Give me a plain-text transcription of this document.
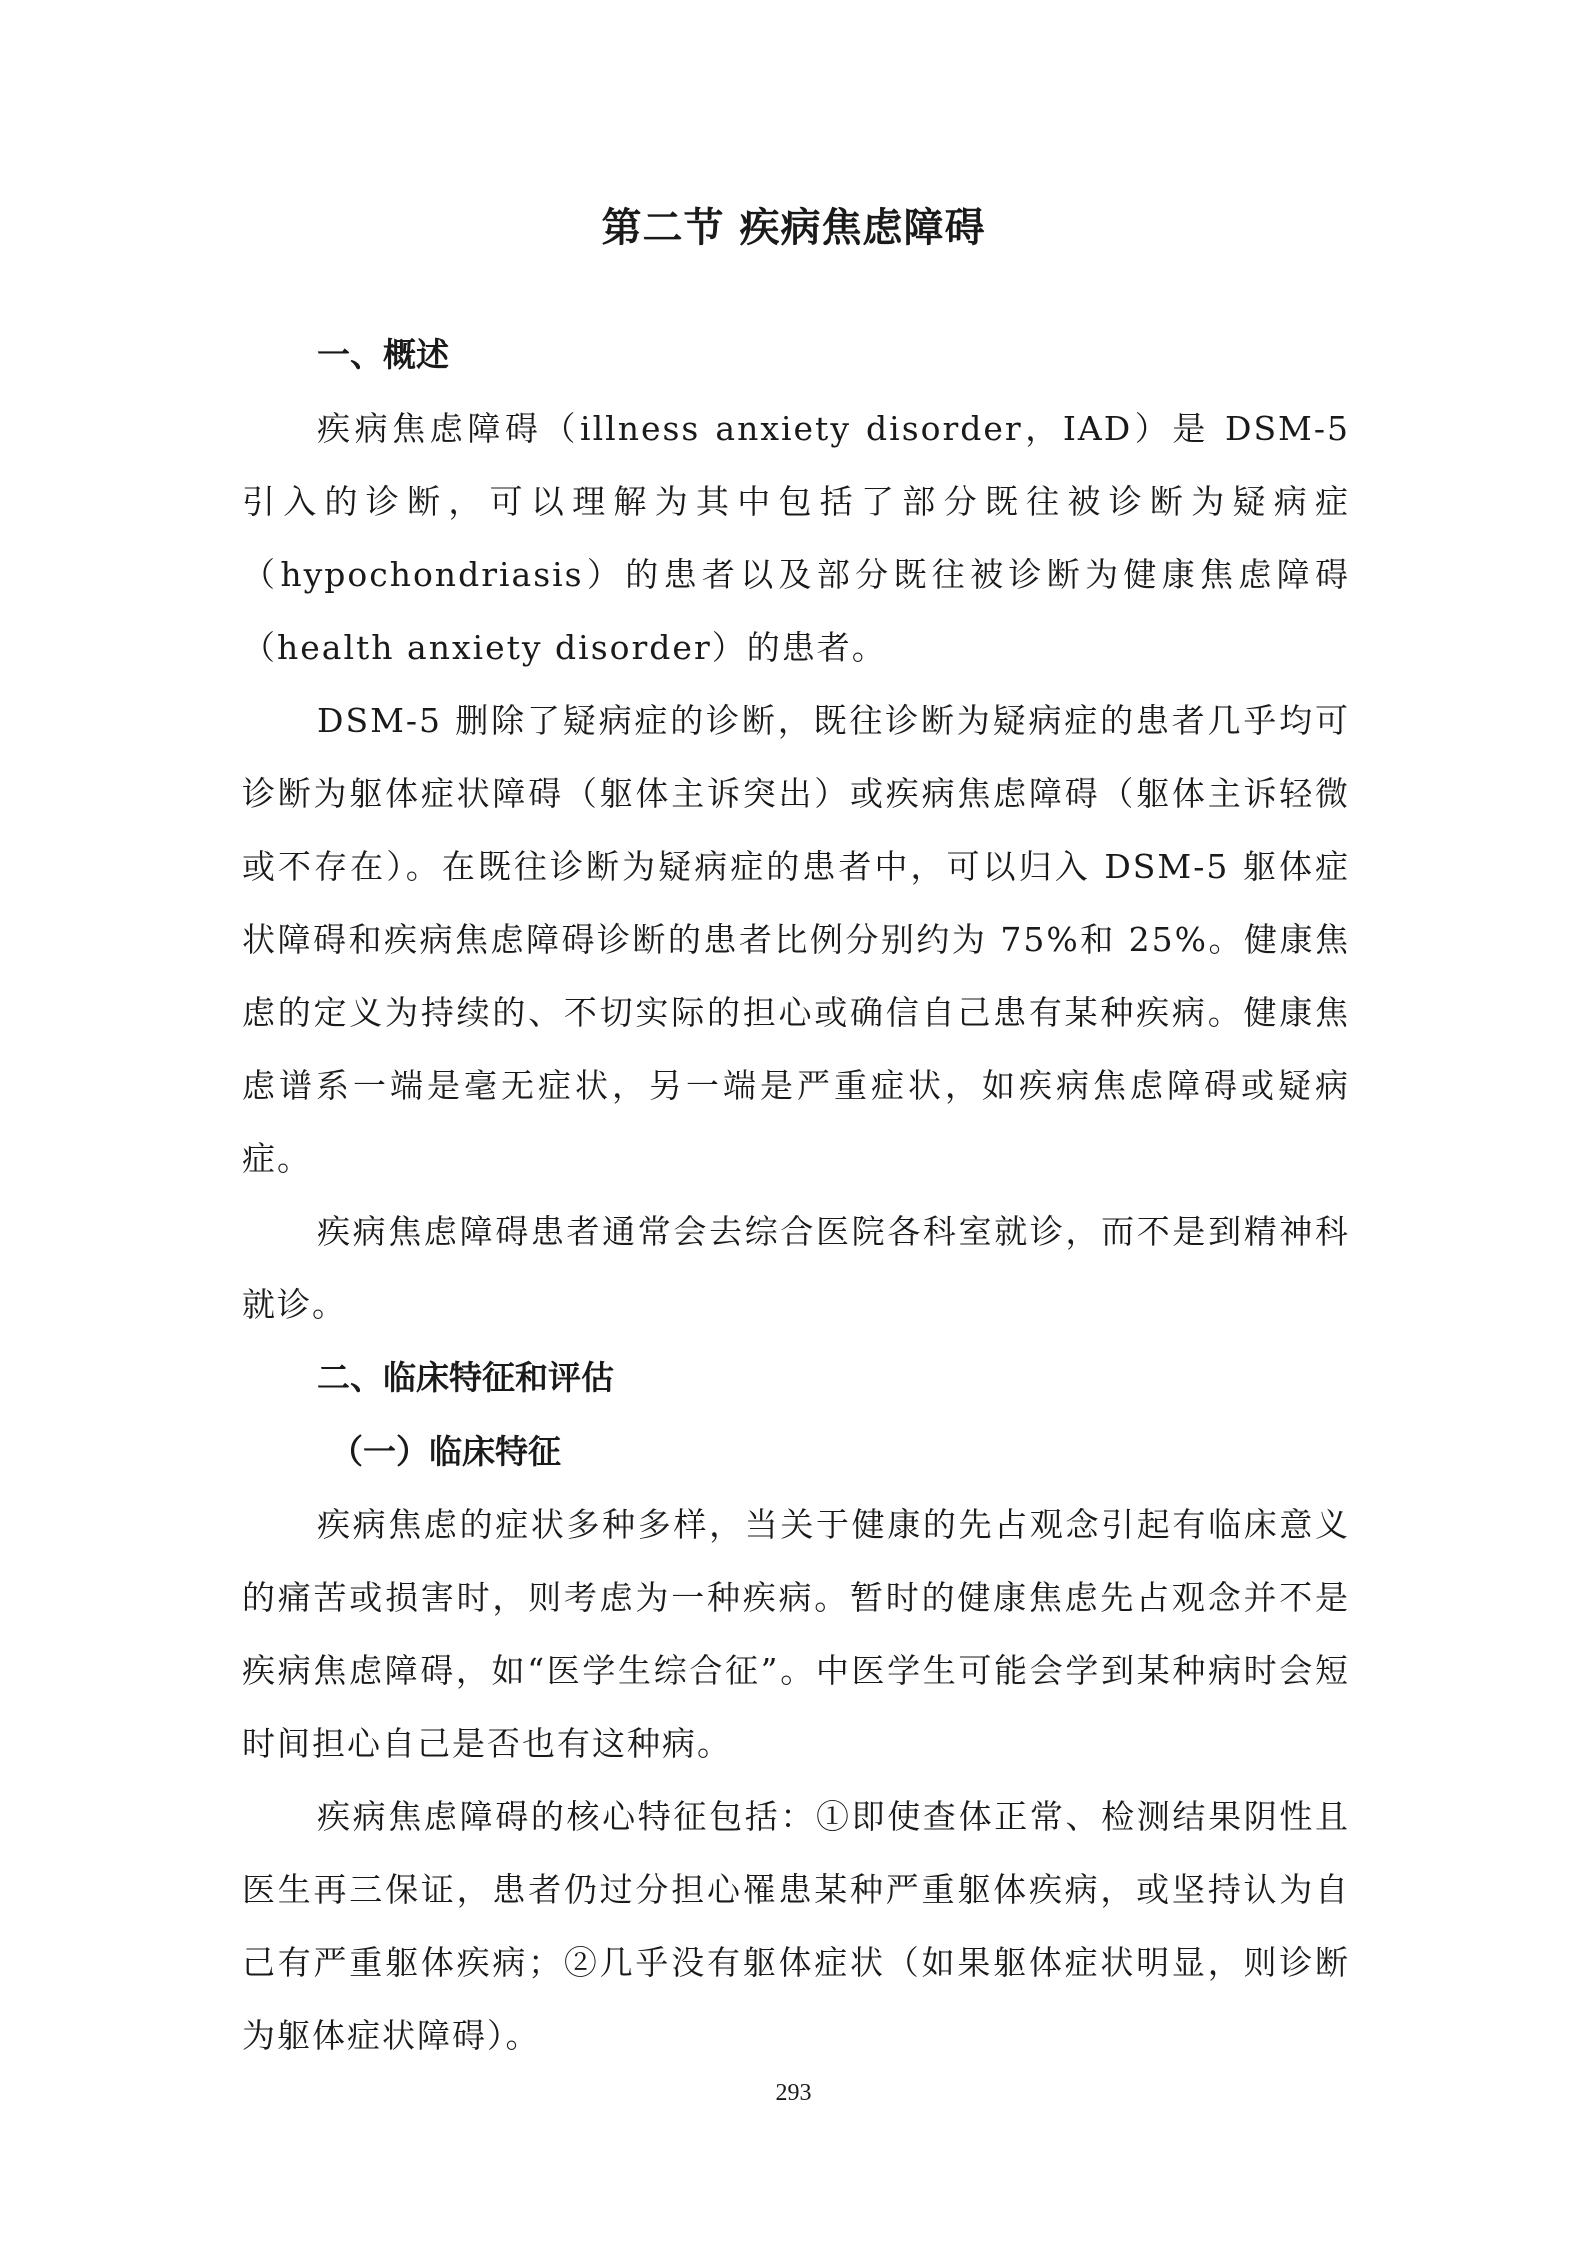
第二节 疾病焦虑障碍
一、概述

疾病焦虑障碍（illness anxiety disorder，IAD）是 DSM-5 引入的诊断，可以理解为其中包括了部分既往被诊断为疑病症（hypochondriasis）的患者以及部分既往被诊断为健康焦虑障碍（health anxiety disorder）的患者。

DSM-5 删除了疑病症的诊断，既往诊断为疑病症的患者几乎均可诊断为躯体症状障碍（躯体主诉突出）或疾病焦虑障碍（躯体主诉轻微或不存在）。在既往诊断为疑病症的患者中，可以归入 DSM-5 躯体症状障碍和疾病焦虑障碍诊断的患者比例分别约为 75%和 25%。健康焦虑的定义为持续的、不切实际的担心或确信自己患有某种疾病。健康焦虑谱系一端是毫无症状，另一端是严重症状，如疾病焦虑障碍或疑病症。

疾病焦虑障碍患者通常会去综合医院各科室就诊，而不是到精神科就诊。

二、临床特征和评估
（一）临床特征

疾病焦虑的症状多种多样，当关于健康的先占观念引起有临床意义的痛苦或损害时，则考虑为一种疾病。暂时的健康焦虑先占观念并不是疾病焦虑障碍，如“医学生综合征”。中医学生可能会学到某种病时会短时间担心自己是否也有这种病。

疾病焦虑障碍的核心特征包括：①即使查体正常、检测结果阴性且医生再三保证，患者仍过分担心罹患某种严重躯体疾病，或坚持认为自己有严重躯体疾病；②几乎没有躯体症状（如果躯体症状明显，则诊断为躯体症状障碍）。

293
